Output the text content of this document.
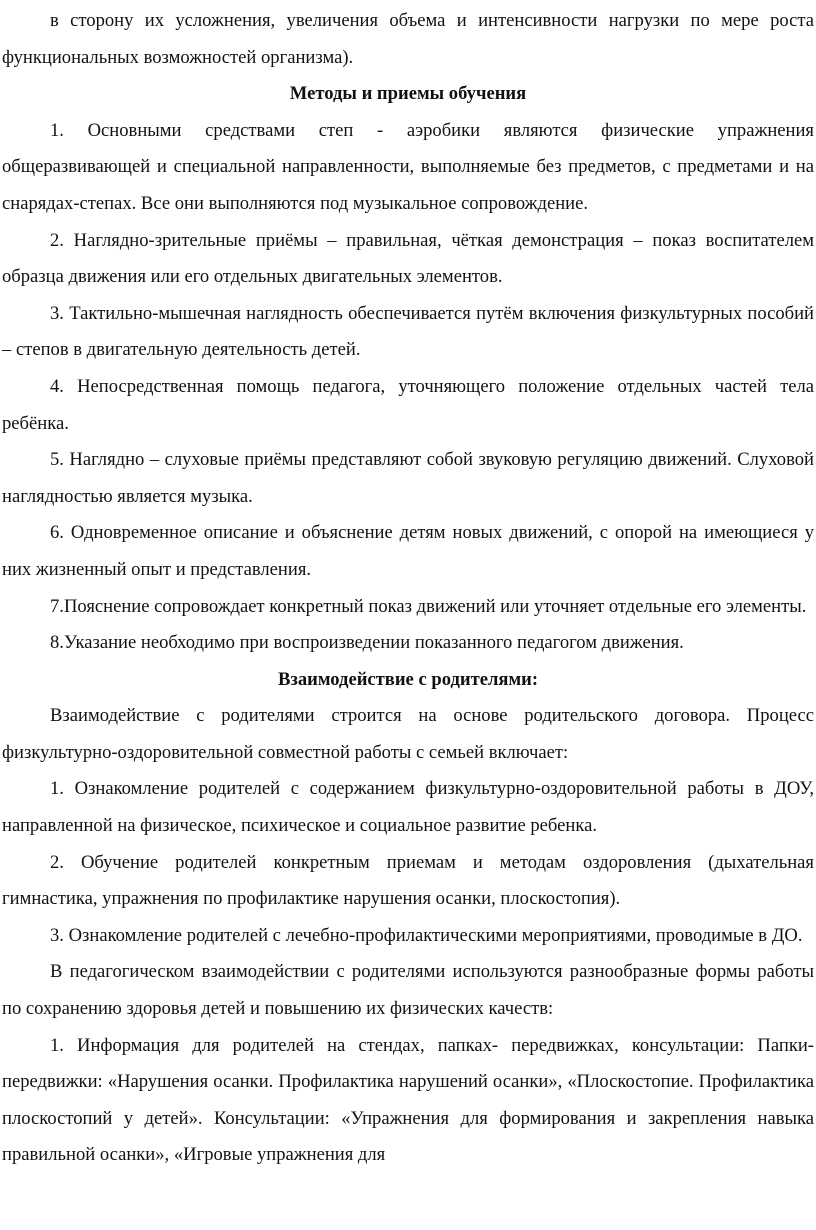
в сторону их усложнения, увеличения объема и интенсивности нагрузки по мере роста функциональных возможностей организма).

Методы и приемы обучения

1. Основными средствами степ - аэробики являются физические упражнения общеразвивающей и специальной направленности, выполняемые без предметов, с предметами и на снарядах-степах. Все они выполняются под музыкальное сопровождение.

2. Наглядно-зрительные приёмы – правильная, чёткая демонстрация – показ воспитателем образца движения или его отдельных двигательных элементов.

3. Тактильно-мышечная наглядность обеспечивается путём включения физкультурных пособий – степов в двигательную деятельность детей.

4. Непосредственная помощь педагога, уточняющего положение отдельных частей тела ребёнка.

5. Наглядно – слуховые приёмы представляют собой звуковую регуляцию движений. Слуховой наглядностью является музыка.

6. Одновременное описание и объяснение детям новых движений, с опорой на имеющиеся у них жизненный опыт и представления.

7.Пояснение сопровождает конкретный показ движений или уточняет отдельные его элементы.

8.Указание необходимо при воспроизведении показанного педагогом движения.

Взаимодействие с родителями:

Взаимодействие с родителями строится на основе родительского договора. Процесс физкультурно-оздоровительной совместной работы с семьей включает:

1. Ознакомление родителей с содержанием физкультурно-оздоровительной работы в ДОУ, направленной на физическое, психическое и социальное развитие ребенка.

2. Обучение родителей конкретным приемам и методам оздоровления (дыхательная гимнастика, упражнения по профилактике нарушения осанки, плоскостопия).

3. Ознакомление родителей с лечебно-профилактическими мероприятиями, проводимые в ДО.

В педагогическом взаимодействии с родителями используются разнообразные формы работы по сохранению здоровья детей и повышению их физических качеств:

1. Информация для родителей на стендах, папках- передвижках, консультации: Папки-передвижки: «Нарушения осанки. Профилактика нарушений осанки», «Плоскостопие. Профилактика плоскостопий у детей». Консультации: «Упражнения для формирования и закрепления навыка правильной осанки», «Игровые упражнения для
